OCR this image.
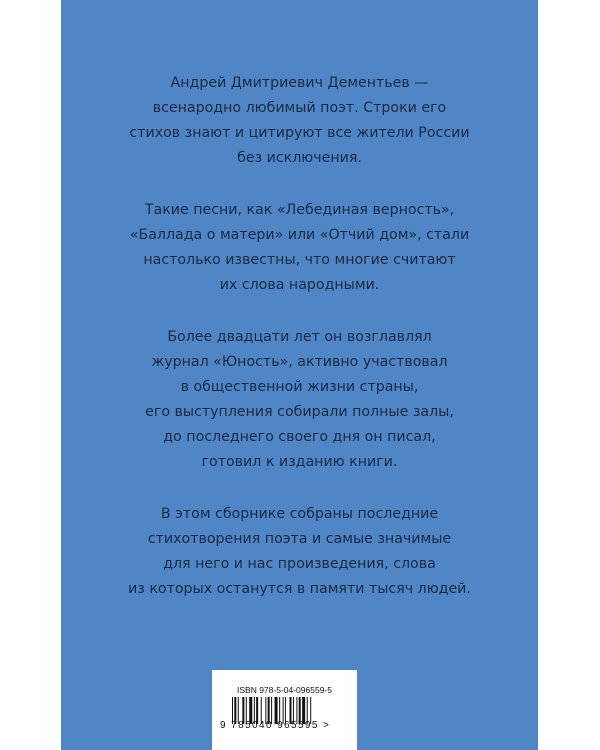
Андрей Дмитриевич Дементьев —
всенародно любимый поэт. Строки его
стихов знают и цитируют все жители России
без исключения.
Такие песни, как «Лебединая верность»,
«Баллада о матери» или «Отчий дом», стали
настолько известны, что многие считают
их слова народными.
Более двадцати лет он возглавлял
журнал «Юность», активно участвовал
в общественной жизни страны,
его выступления собирали полные залы,
до последнего своего дня он писал,
готовил к изданию книги.
В этом сборнике собраны последние
стихотворения поэта и самые значимые
для него и нас произведения, слова
из которых останутся в памяти тысяч людей.
ISBN 978-5-04-096559-5
9 785040 965595 >
